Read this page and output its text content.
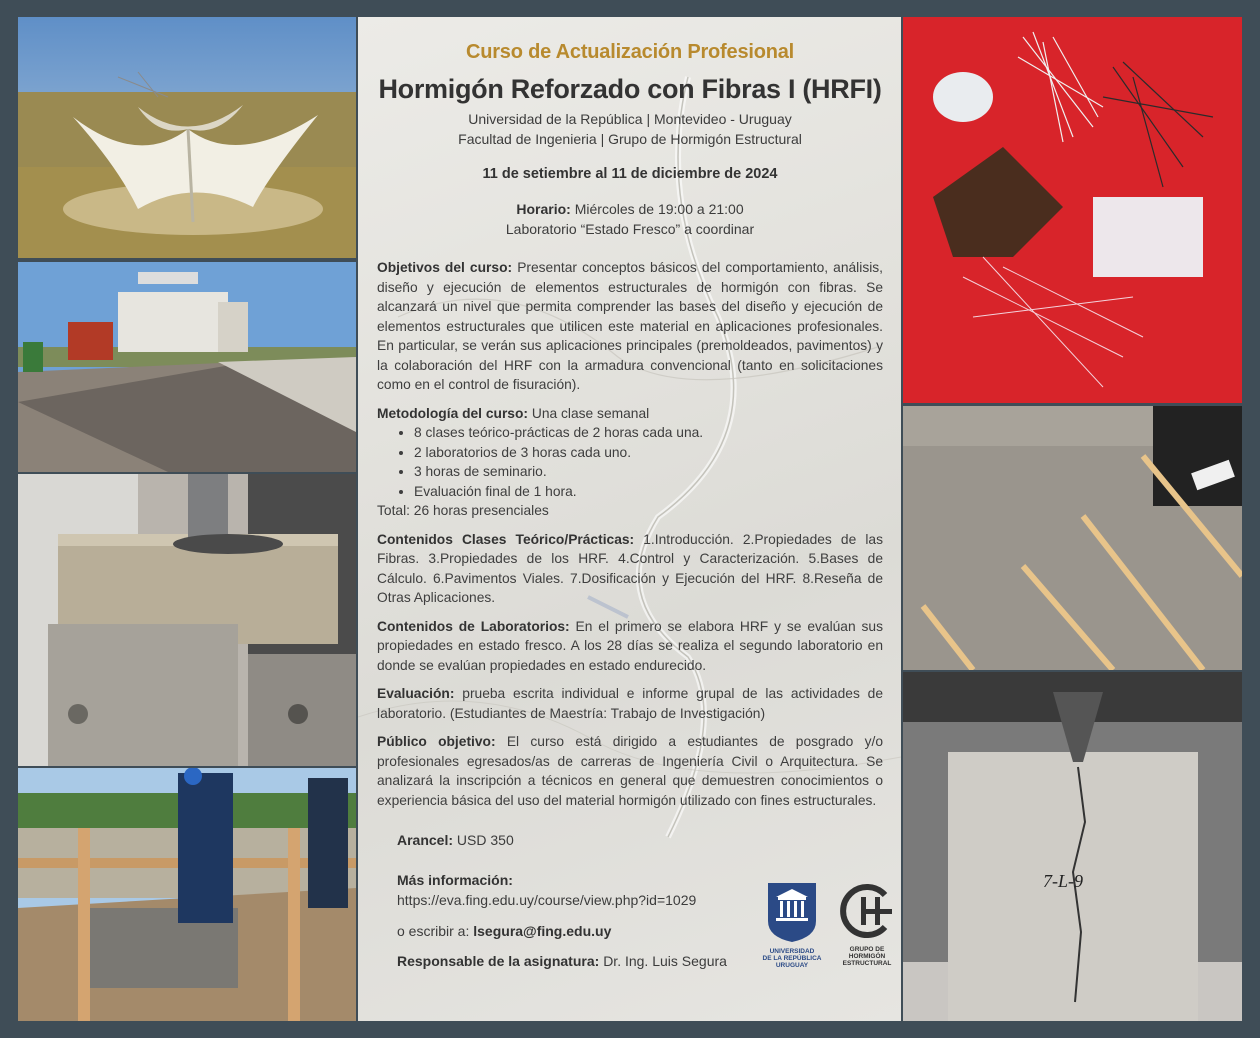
7-L-9
Curso de Actualización Profesional
Hormigón Reforzado con Fibras I (HRFI)
Universidad de la República | Montevideo - Uruguay
Facultad de Ingenieria | Grupo de Hormigón Estructural
11 de setiembre al 11 de diciembre de 2024
Horario: Miércoles de 19:00 a 21:00
Laboratorio “Estado Fresco” a coordinar
Objetivos del curso: Presentar conceptos básicos del comportamiento, análisis, diseño y ejecución de elementos estructurales de hormigón con fibras. Se alcanzará un nivel que permita comprender las bases del diseño y ejecución de elementos estructurales que utilicen este material en aplicaciones profesionales. En particular, se verán sus aplicaciones principales (premoldeados, pavimentos) y la colaboración del HRF con la armadura convencional (tanto en solicitaciones como en el control de fisuración).
Metodología del curso: Una clase semanal
• 8 clases teórico-prácticas de 2 horas cada una.
• 2 laboratorios de 3 horas cada uno.
• 3 horas de seminario.
• Evaluación final de 1 hora.
Total: 26 horas presenciales
Contenidos Clases Teórico/Prácticas: 1.Introducción. 2.Propiedades de las Fibras. 3.Propiedades de los HRF. 4.Control y Caracterización. 5.Bases de Cálculo. 6.Pavimentos Viales. 7.Dosificación y Ejecución del HRF. 8.Reseña de Otras Aplicaciones.
Contenidos de Laboratorios: En el primero se elabora HRF y se evalúan sus propiedades en estado fresco. A los 28 días se realiza el segundo laboratorio en donde se evalúan propiedades en estado endurecido.
Evaluación: prueba escrita individual e informe grupal de las actividades de laboratorio. (Estudiantes de Maestría: Trabajo de Investigación)
Público objetivo: El curso está dirigido a estudiantes de posgrado y/o profesionales egresados/as de carreras de Ingeniería Civil o Arquitectura. Se analizará la inscripción a técnicos en general que demuestren conocimientos o experiencia básica del uso del material hormigón utilizado con fines estructurales.
Arancel: USD 350
Más información:
https://eva.fing.edu.uy/course/view.php?id=1029
o escribir a: lsegura@fing.edu.uy
Responsable de la asignatura: Dr. Ing. Luis Segura
UNIVERSIDAD
DE LA REPÚBLICA
URUGUAY
GRUPO DE
HORMIGÓN
ESTRUCTURAL
